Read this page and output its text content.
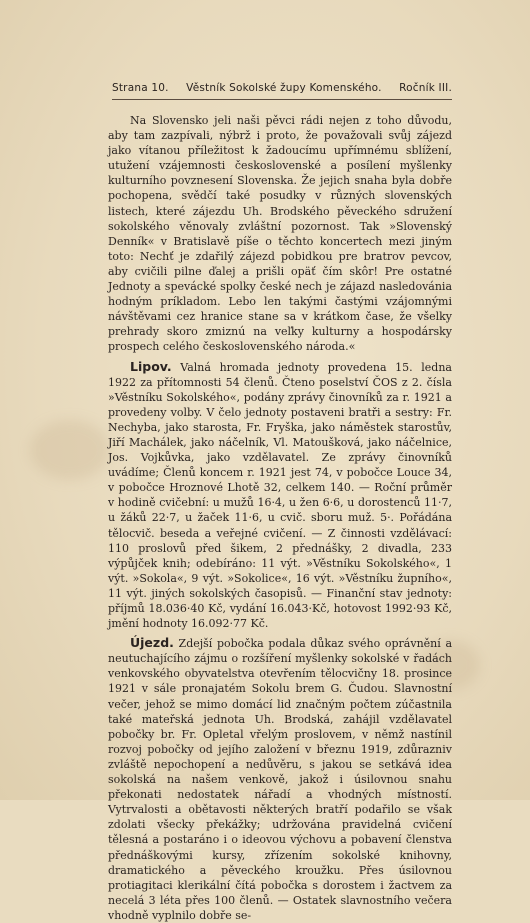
Strana 10. Věstník Sokolské župy Komenského. Ročník III.

Na Slovensko jeli naši pěvci rádi nejen z toho důvodu, aby tam zazpívali, nýbrž i proto, že považovali svůj zájezd jako vítanou příležitost k žadoucímu upřímnému sblížení, utužení vzájemnosti československé a posílení myšlenky kulturního povznesení Slovenska. Že jejich snaha byla dobře pochopena, svědčí také posudky v různých slovenských listech, které zájezdu Uh. Brodského pěveckého sdružení sokolského věnovaly zvláštní pozornost. Tak »Slovenský Denník« v Bratislavě píše o těchto koncertech mezi jiným toto: Nechť je zdařilý zájezd pobidkou pre bratrov pevcov, aby cvičili pilne ďalej a prišli opäť čím skôr! Pre ostatné Jednoty a spevácké spolky české nech je zájazd nasledovánia hodným príkladom. Lebo len takými častými vzájomnými návštěvami cez hranice stane sa v krátkom čase, že všelky prehrady skoro zmiznú na veľky kulturny a hospodársky prospech celého československého národa.«

Lipov. Valná hromada jednoty provedena 15. ledna 1922 za přítomnosti 54 členů. Čteno poselství ČOS z 2. čísla »Věstníku Sokolského«, podány zprávy činovníků za r. 1921 a provedeny volby. V čelo jednoty postaveni bratři a sestry: Fr. Nechyba, jako starosta, Fr. Fryška, jako náměstek starostův, Jiří Machálek, jako náčelník, Vl. Matoušková, jako náčelnice, Jos. Vojkůvka, jako vzdělavatel. Ze zprávy činovníků uvádíme; Členů koncem r. 1921 jest 74, v pobočce Louce 34, v pobočce Hroznové Lhotě 32, celkem 140. — Roční průměr v hodině cvičební: u mužů 16·4, u žen 6·6, u dorostenců 11·7, u žáků 22·7, u žaček 11·6, u cvič. sboru muž. 5·. Pořádána tělocvič. beseda a veřejné cvičení. — Z činnosti vzdělávací: 110 proslovů před šikem, 2 přednášky, 2 divadla, 233 výpůjček knih; odebíráno: 11 výt. »Věstníku Sokolského«, 1 výt. »Sokola«, 9 výt. »Sokolice«, 16 výt. »Věstníku župního«, 11 výt. jiných sokolských časopisů. — Finanční stav jednoty: příjmů 18.036·40 Kč, vydání 16.043·Kč, hotovost 1992·93 Kč, jmění hodnoty 16.092·77 Kč.

Újezd. Zdejší pobočka podala důkaz svého oprávnění a neutuchajícího zájmu o rozšíření myšlenky sokolské v řadách venkovského obyvatelstva otevřením tělocvičny 18. prosince 1921 v sále pronajatém Sokolu brem G. Čudou. Slavnostní večer, jehož se mimo domácí lid značným počtem zúčastnila také mateřská jednota Uh. Brodská, zahájil vzdělavatel pobočky br. Fr. Opletal vřelým proslovem, v němž nastínil rozvoj pobočky od jejího založení v březnu 1919, zdůrazniv zvláště nepochopení a nedůvěru, s jakou se setkává idea sokolská na našem venkově, jakož i úsilovnou snahu překonati nedostatek nářadí a vhodných místností. Vytrvalosti a obětavosti některých bratří podařilo se však zdolati všecky překážky; udržována pravidelná cvičení tělesná a postaráno i o ideovou výchovu a pobavení členstva přednáškovými kursy, zřízením sokolské knihovny, dramatického a pěveckého kroužku. Přes úsilovnou protiagitaci klerikální čítá pobočka s dorostem i žactvem za necelá 3 léta přes 100 členů. — Ostatek slavnostního večera vhodně vyplnilo dobře se-
